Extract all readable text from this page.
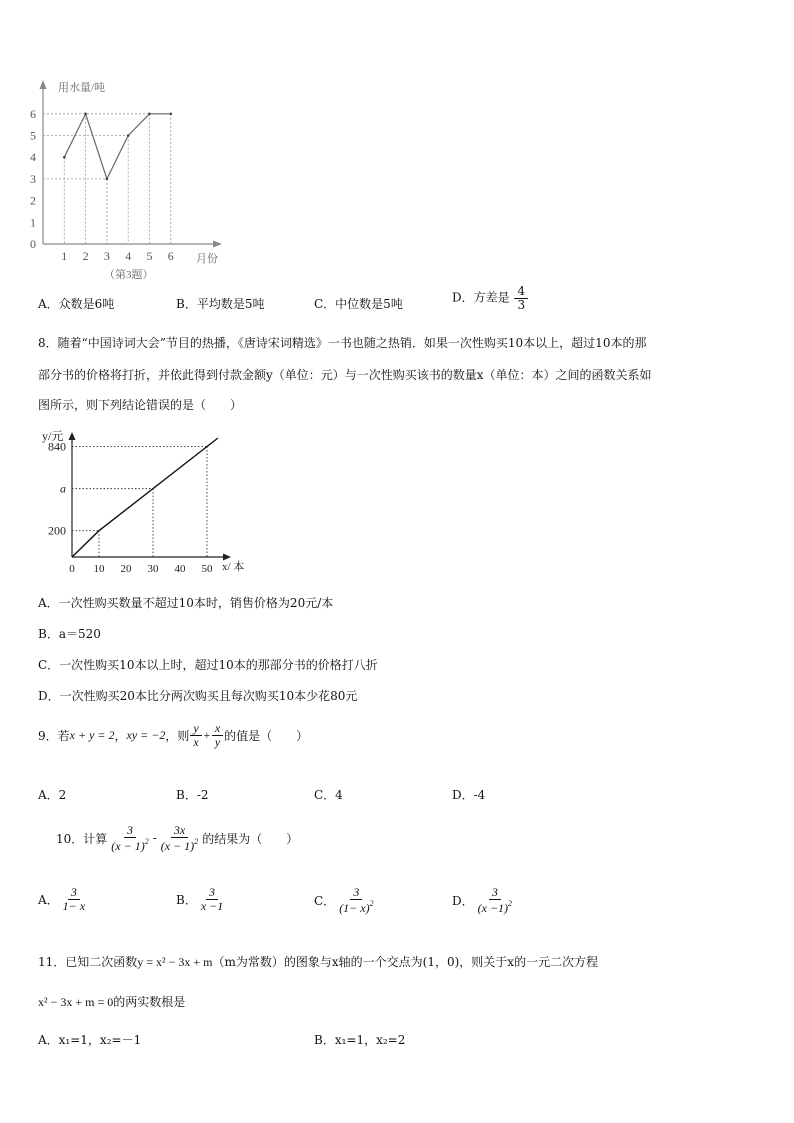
用水量/吨
月份
（第3题）
0
1
2
3
4
5
6
1 2 3 4 5 6
A．众数是6吨	B．平均数是5吨	C．中位数是5吨	D．方差是 $\frac{4}{3}$
8．随着“中国诗词大会”节目的热播，《唐诗宋词精选》一书也随之热销．如果一次性购买10本以上，超过10本的那
部分书的价格将打折，并依此得到付款金额y（单位：元）与一次性购买该书的数量x（单位：本）之间的函数关系如
图所示，则下列结论错误的是（　　）
y/元
x/ 本
840
a
200
0 10 20 30 40 50
A．一次性购买数量不超过10本时，销售价格为20元/本
B．a＝520
C．一次性购买10本以上时，超过10本的那部分书的价格打八折
D．一次性购买20本比分两次购买且每次购买10本少花80元
9．若 x + y = 2 ， xy = −2 ，则 $\frac{y}{x} + \frac{x}{y}$ 的值是（　　）
A．2	B．-2	C．4	D．-4
10．计算 $\frac{3}{(x - 1)^2} - \frac{3x}{(x - 1)^2}$ 的结果为（　　）
A． $\frac{3}{1- x}$	B． $\frac{3}{x -1}$	C． $\frac{3}{(1- x)^2}$	D． $\frac{3}{(x -1)^2}$
11．已知二次函数y = x² − 3x + m（m为常数）的图象与x轴的一个交点为(1，0)，则关于x的一元二次方程
x² − 3x + m = 0的两实数根是
A．x₁=1，x₂=－1	B．x₁=1，x₂=2
